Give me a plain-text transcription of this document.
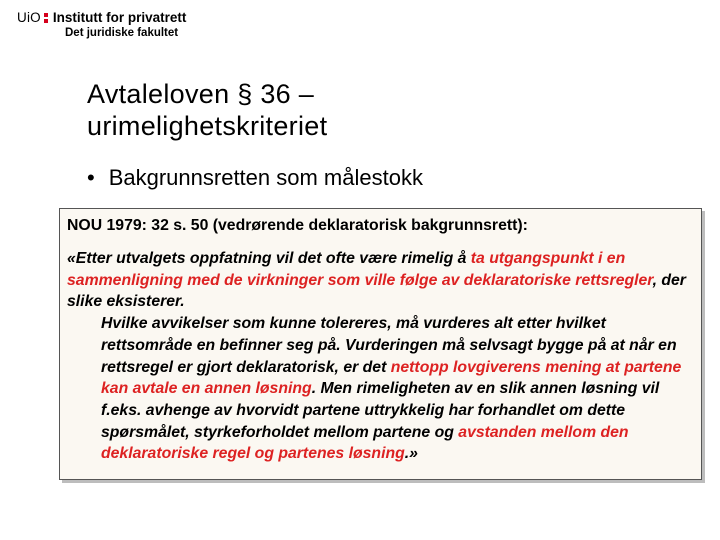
UiO Institutt for privatrett
Det juridiske fakultet
Avtaleloven § 36 –
urimelighetskriteriet
• Bakgrunnsretten som målestokk

NOU 1979: 32 s. 50 (vedrørende deklaratorisk bakgrunnsrett):

«Etter utvalgets oppfatning vil det ofte være rimelig å ta utgangspunkt i en sammenligning med de virkninger som ville følge av deklaratoriske rettsregler, der slike eksisterer.

Hvilke avvikelser som kunne tolereres, må vurderes alt etter hvilket rettsområde en befinner seg på. Vurderingen må selvsagt bygge på at når en rettsregel er gjort deklaratorisk, er det nettopp lovgiverens mening at partene kan avtale en annen løsning. Men rimeligheten av en slik annen løsning vil f.eks. avhenge av hvorvidt partene uttrykkelig har forhandlet om dette spørsmålet, styrkeforholdet mellom partene og avstanden mellom den deklaratoriske regel og partenes løsning.»
